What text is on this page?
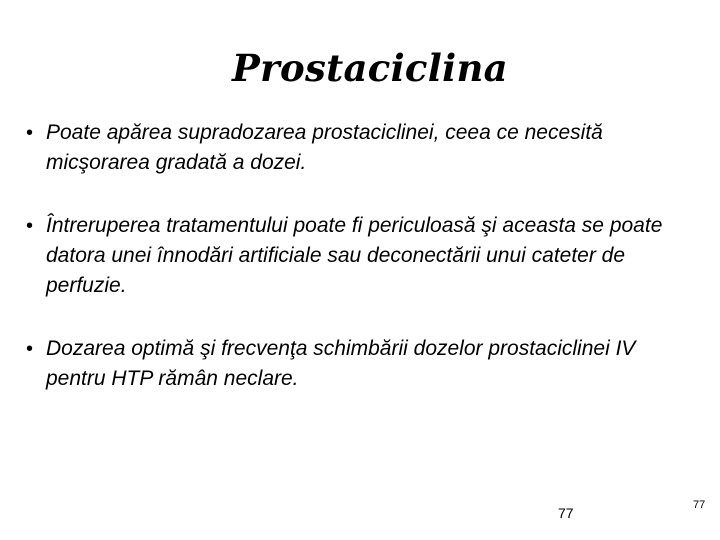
Prostaciclina
• Poate apărea supradozarea prostaciclinei, ceea ce necesită micşorarea gradată a dozei.
• Întreruperea tratamentului poate fi periculoasă şi aceasta se poate datora unei înnodări artificiale sau deconectării unui cateter de perfuzie.
• Dozarea optimă şi frecvenţa schimbării dozelor prostaciclinei IV pentru HTP rămân neclare.
77	77
